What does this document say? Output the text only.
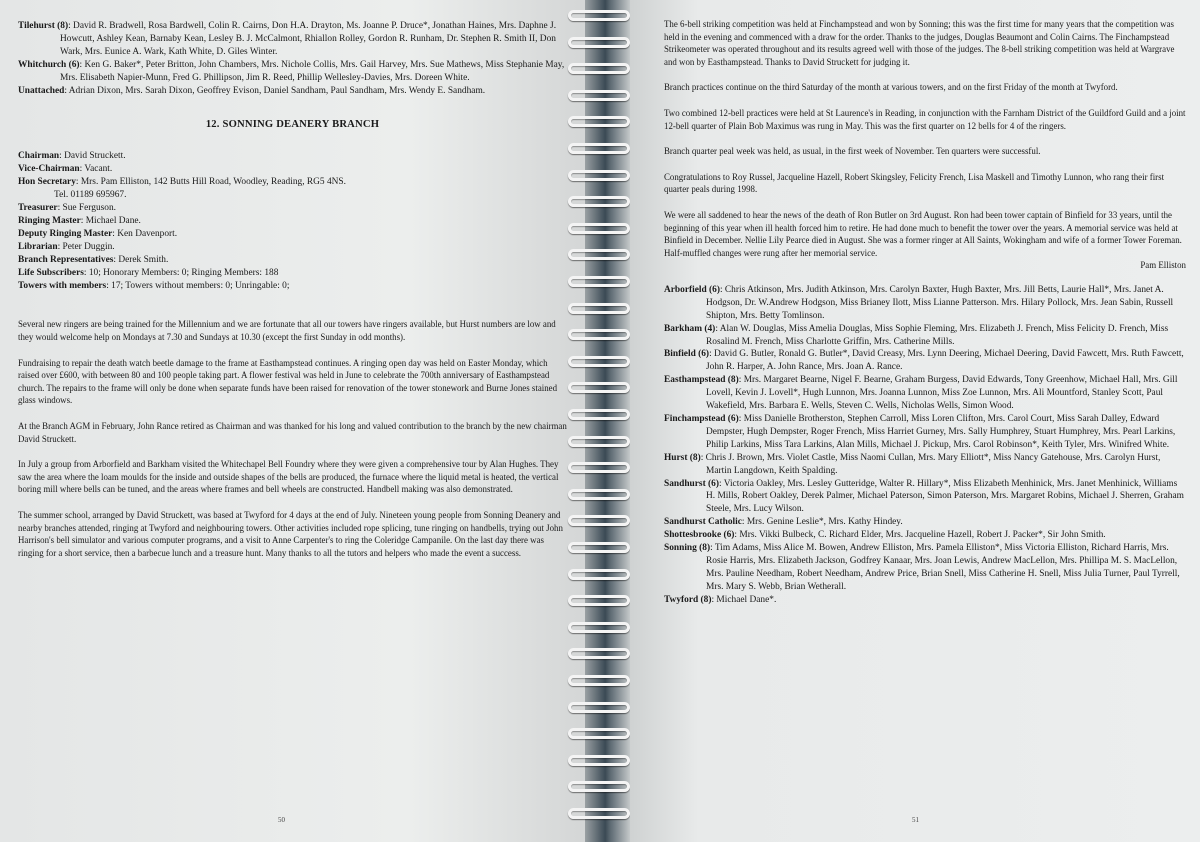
Tilehurst (8): David R. Bradwell, Rosa Bardwell, Colin R. Cairns, Don H.A. Drayton, Ms. Joanne P. Druce*, Jonathan Haines, Mrs. Daphne J. Howcutt, Ashley Kean, Barnaby Kean, Lesley B. J. McCalmont, Rhiallon Rolley, Gordon R. Runham, Dr. Stephen R. Smith II, Don Wark, Mrs. Eunice A. Wark, Kath White, D. Giles Winter.

Whitchurch (6): Ken G. Baker*, Peter Britton, John Chambers, Mrs. Nichole Collis, Mrs. Gail Harvey, Mrs. Sue Mathews, Miss Stephanie May, Mrs. Elisabeth Napier-Munn, Fred G. Phillipson, Jim R. Reed, Phillip Wellesley-Davies, Mrs. Doreen White.

Unattached: Adrian Dixon, Mrs. Sarah Dixon, Geoffrey Evison, Daniel Sandham, Paul Sandham, Mrs. Wendy E. Sandham.

12. SONNING DEANERY BRANCH

Chairman: David Struckett.

Vice-Chairman: Vacant.

Hon Secretary: Mrs. Pam Elliston, 142 Butts Hill Road, Woodley, Reading, RG5 4NS.

Tel. 01189 695967.

Treasurer: Sue Ferguson.

Ringing Master: Michael Dane.

Deputy Ringing Master: Ken Davenport.

Librarian: Peter Duggin.

Branch Representatives: Derek Smith.

Life Subscribers: 10; Honorary Members: 0; Ringing Members: 188

Towers with members: 17; Towers without members: 0; Unringable: 0;

Several new ringers are being trained for the Millennium and we are fortunate that all our towers have ringers available, but Hurst numbers are low and they would welcome help on Mondays at 7.30 and Sundays at 10.30 (except the first Sunday in odd months).

Fundraising to repair the death watch beetle damage to the frame at Easthampstead continues. A ringing open day was held on Easter Monday, which raised over £600, with between 80 and 100 people taking part. A flower festival was held in June to celebrate the 700th anniversary of Easthampstead church. The repairs to the frame will only be done when separate funds have been raised for renovation of the tower stonework and Burne Jones stained glass windows.

At the Branch AGM in February, John Rance retired as Chairman and was thanked for his long and valued contribution to the branch by the new chairman David Struckett.

In July a group from Arborfield and Barkham visited the Whitechapel Bell Foundry where they were given a comprehensive tour by Alan Hughes. They saw the area where the loam moulds for the inside and outside shapes of the bells are produced, the furnace where the liquid metal is heated, the vertical boring mill where bells can be tuned, and the areas where frames and bell wheels are constructed. Handbell making was also demonstrated.

The summer school, arranged by David Struckett, was based at Twyford for 4 days at the end of July. Nineteen young people from Sonning Deanery and nearby branches attended, ringing at Twyford and neighbouring towers. Other activities included rope splicing, tune ringing on handbells, trying out John Harrison's bell simulator and various computer programs, and a visit to Anne Carpenter's to ring the Coleridge Campanile. On the last day there was ringing for a short service, then a barbecue lunch and a treasure hunt. Many thanks to all the tutors and helpers who made the event a success.

50

The 6-bell striking competition was held at Finchampstead and won by Sonning; this was the first time for many years that the competition was held in the evening and commenced with a draw for the order. Thanks to the judges, Douglas Beaumont and Colin Cairns. The Finchampstead Strikeometer was operated throughout and its results agreed well with those of the judges. The 8-bell striking competition was held at Wargrave and won by Easthampstead. Thanks to David Struckett for judging it.

Branch practices continue on the third Saturday of the month at various towers, and on the first Friday of the month at Twyford.

Two combined 12-bell practices were held at St Laurence's in Reading, in conjunction with the Farnham District of the Guildford Guild and a joint 12-bell quarter of Plain Bob Maximus was rung in May. This was the first quarter on 12 bells for 4 of the ringers.

Branch quarter peal week was held, as usual, in the first week of November. Ten quarters were successful.

Congratulations to Roy Russel, Jacqueline Hazell, Robert Skingsley, Felicity French, Lisa Maskell and Timothy Lunnon, who rang their first quarter peals during 1998.

We were all saddened to hear the news of the death of Ron Butler on 3rd August. Ron had been tower captain of Binfield for 33 years, until the beginning of this year when ill health forced him to retire. He had done much to benefit the tower over the years. A memorial service was held at Binfield in December. Nellie Lily Pearce died in August. She was a former ringer at All Saints, Wokingham and wife of a former Tower Foreman. Half-muffled changes were rung after her memorial service.

Pam Elliston

Arborfield (6): Chris Atkinson, Mrs. Judith Atkinson, Mrs. Carolyn Baxter, Hugh Baxter, Mrs. Jill Betts, Laurie Hall*, Mrs. Janet A. Hodgson, Dr. W.Andrew Hodgson, Miss Brianey Ilott, Miss Lianne Patterson. Mrs. Hilary Pollock, Mrs. Jean Sabin, Russell Shipton, Mrs. Betty Tomlinson.

Barkham (4): Alan W. Douglas, Miss Amelia Douglas, Miss Sophie Fleming, Mrs. Elizabeth J. French, Miss Felicity D. French, Miss Rosalind M. French, Miss Charlotte Griffin, Mrs. Catherine Mills.

Binfield (6): David G. Butler, Ronald G. Butler*, David Creasy, Mrs. Lynn Deering, Michael Deering, David Fawcett, Mrs. Ruth Fawcett, John R. Harper, A. John Rance, Mrs. Joan A. Rance.

Easthampstead (8): Mrs. Margaret Bearne, Nigel F. Bearne, Graham Burgess, David Edwards, Tony Greenhow, Michael Hall, Mrs. Gill Lovell, Kevin J. Lovell*, Hugh Lunnon, Mrs. Joanna Lunnon, Miss Zoe Lunnon, Mrs. Ali Mountford, Stanley Scott, Paul Wakefield, Mrs. Barbara E. Wells, Steven C. Wells, Nicholas Wells, Simon Wood.

Finchampstead (6): Miss Danielle Brotherston, Stephen Carroll, Miss Loren Clifton, Mrs. Carol Court, Miss Sarah Dalley, Edward Dempster, Hugh Dempster, Roger French, Miss Harriet Gurney, Mrs. Sally Humphrey, Stuart Humphrey, Mrs. Pearl Larkins, Philip Larkins, Miss Tara Larkins, Alan Mills, Michael J. Pickup, Mrs. Carol Robinson*, Keith Tyler, Mrs. Winifred White.

Hurst (8): Chris J. Brown, Mrs. Violet Castle, Miss Naomi Cullan, Mrs. Mary Elliott*, Miss Nancy Gatehouse, Mrs. Carolyn Hurst, Martin Langdown, Keith Spalding.

Sandhurst (6): Victoria Oakley, Mrs. Lesley Gutteridge, Walter R. Hillary*, Miss Elizabeth Menhinick, Mrs. Janet Menhinick, Williams H. Mills, Robert Oakley, Derek Palmer, Michael Paterson, Simon Paterson, Mrs. Margaret Robins, Michael J. Sherren, Graham Steele, Mrs. Lucy Wilson.

Sandhurst Catholic: Mrs. Genine Leslie*, Mrs. Kathy Hindey.

Shottesbrooke (6): Mrs. Vikki Bulbeck, C. Richard Elder, Mrs. Jacqueline Hazell, Robert J. Packer*, Sir John Smith.

Sonning (8): Tim Adams, Miss Alice M. Bowen, Andrew Elliston, Mrs. Pamela Elliston*, Miss Victoria Elliston, Richard Harris, Mrs. Rosie Harris, Mrs. Elizabeth Jackson, Godfrey Kanaar, Mrs. Joan Lewis, Andrew MacLellon, Mrs. Phillipa M. S. MacLellon, Mrs. Pauline Needham, Robert Needham, Andrew Price, Brian Snell, Miss Catherine H. Snell, Miss Julia Turner, Paul Tyrrell, Mrs. Mary S. Webb, Brian Wetherall.

Twyford (8): Michael Dane*.

51
